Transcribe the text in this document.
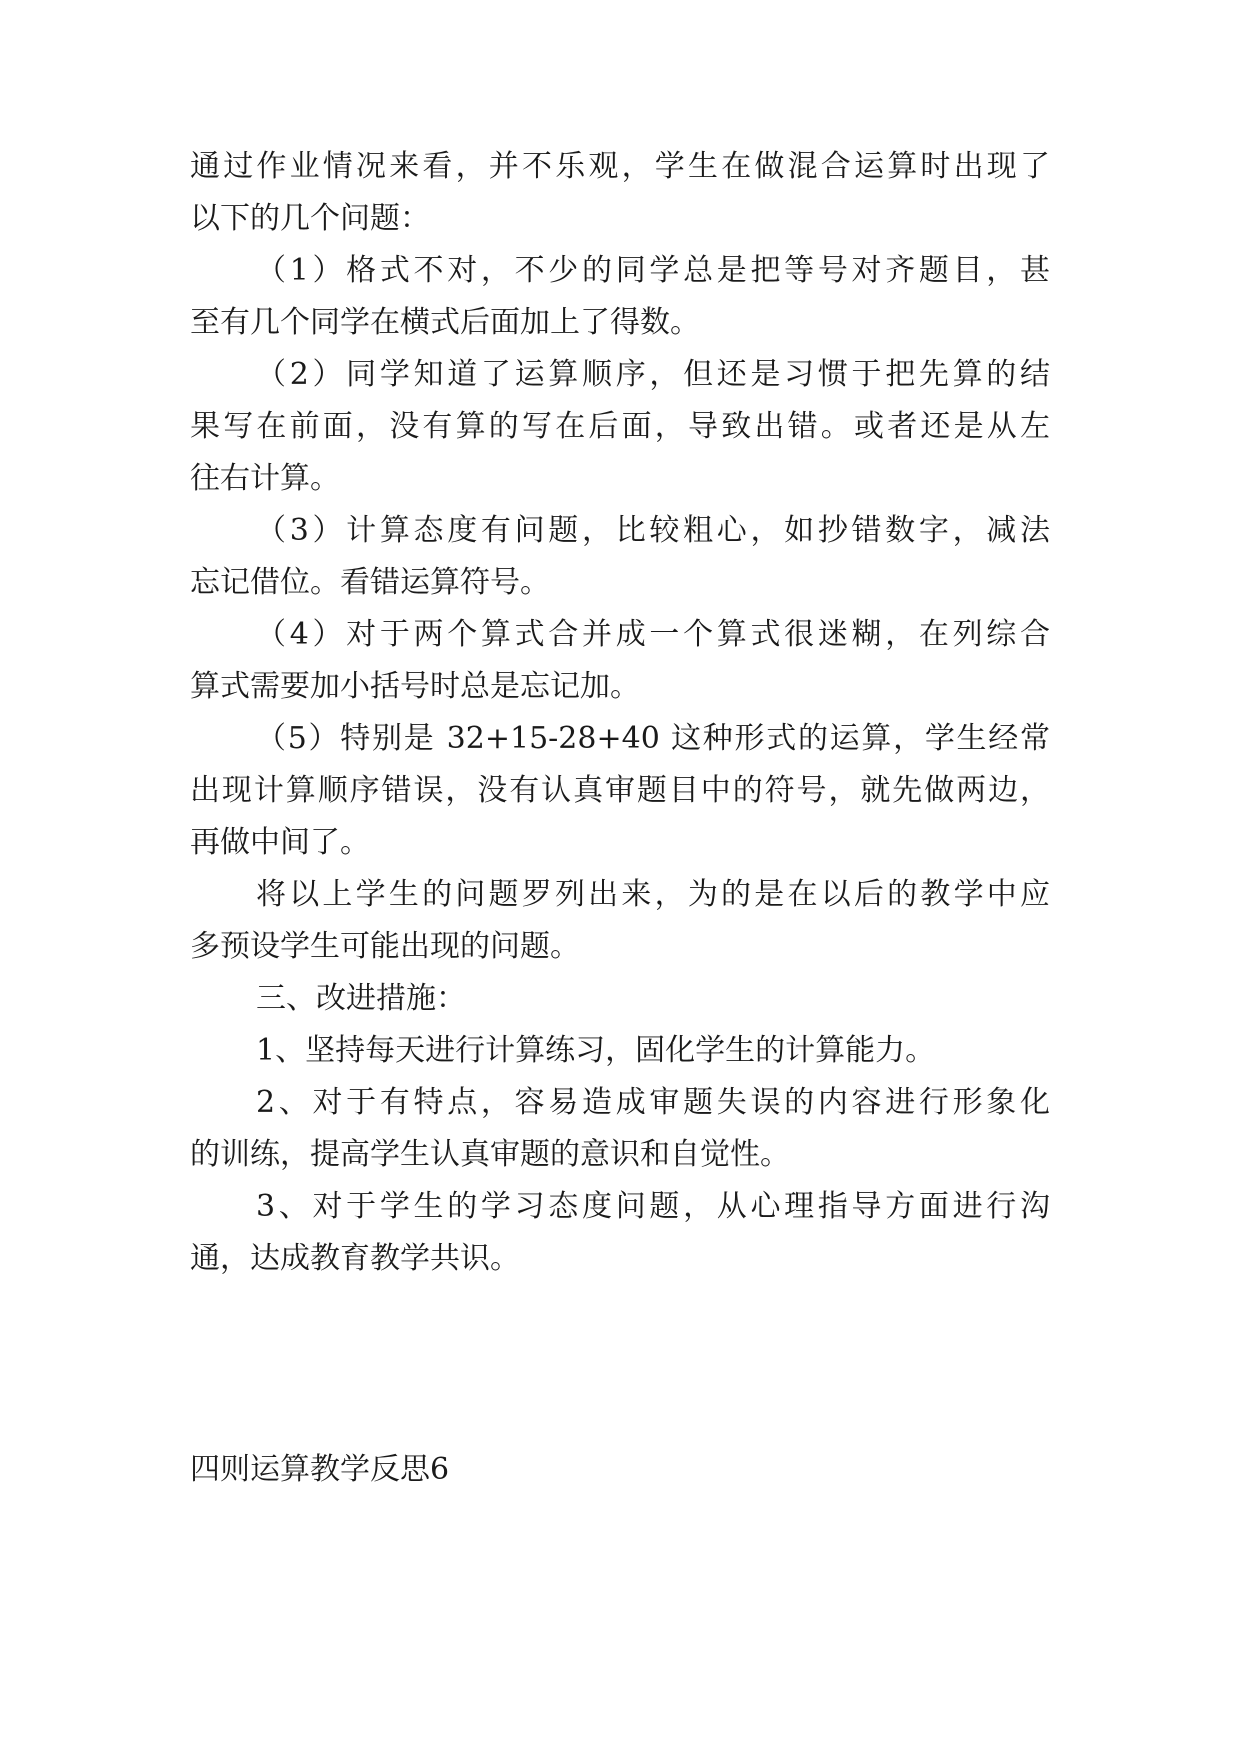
通过作业情况来看，并不乐观，学生在做混合运算时出现了

以下的几个问题：

（1）格式不对，不少的同学总是把等号对齐题目，甚

至有几个同学在横式后面加上了得数。

（2）同学知道了运算顺序，但还是习惯于把先算的结

果写在前面，没有算的写在后面，导致出错。或者还是从左

往右计算。

（3）计算态度有问题，比较粗心，如抄错数字，减法

忘记借位。看错运算符号。

（4）对于两个算式合并成一个算式很迷糊，在列综合

算式需要加小括号时总是忘记加。

（5）特别是 32+15-28+40 这种形式的运算，学生经常

出现计算顺序错误，没有认真审题目中的符号，就先做两边，

再做中间了。

将以上学生的问题罗列出来，为的是在以后的教学中应

多预设学生可能出现的问题。

三、改进措施：

1、坚持每天进行计算练习，固化学生的计算能力。

2、对于有特点，容易造成审题失误的内容进行形象化

的训练，提高学生认真审题的意识和自觉性。

3、对于学生的学习态度问题，从心理指导方面进行沟

通，达成教育教学共识。

四则运算教学反思6
